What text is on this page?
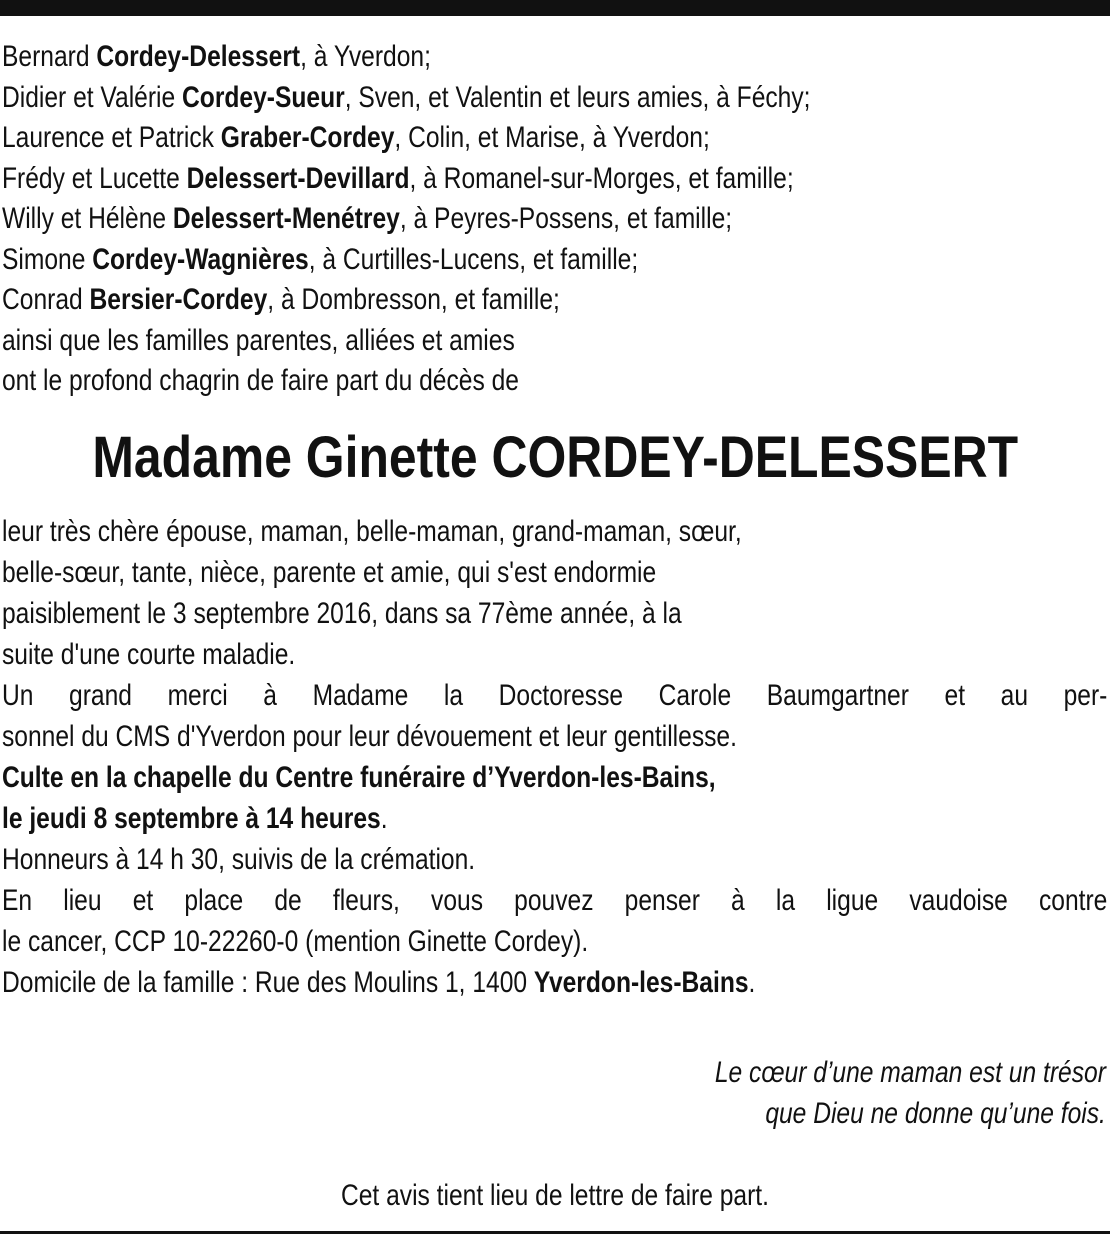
Bernard Cordey-Delessert, à Yverdon;
Didier et Valérie Cordey-Sueur, Sven, et Valentin et leurs amies, à Féchy;
Laurence et Patrick Graber-Cordey, Colin, et Marise, à Yverdon;
Frédy et Lucette Delessert-Devillard, à Romanel-sur-Morges, et famille;
Willy et Hélène Delessert-Menétrey, à Peyres-Possens, et famille;
Simone Cordey-Wagnières, à Curtilles-Lucens, et famille;
Conrad Bersier-Cordey, à Dombresson, et famille;
ainsi que les familles parentes, alliées et amies
ont le profond chagrin de faire part du décès de
Madame Ginette CORDEY-DELESSERT
leur très chère épouse, maman, belle-maman, grand-maman, sœur,
belle-sœur, tante, nièce, parente et amie, qui s'est endormie
paisiblement le 3 septembre 2016, dans sa 77ème année, à la
suite d'une courte maladie.
Un grand merci à Madame la Doctoresse Carole Baumgartner et au per-
sonnel du CMS d'Yverdon pour leur dévouement et leur gentillesse.
Culte en la chapelle du Centre funéraire d’Yverdon-les-Bains,
le jeudi 8 septembre à 14 heures.
Honneurs à 14 h 30, suivis de la crémation.
En lieu et place de fleurs, vous pouvez penser à la ligue vaudoise contre
le cancer, CCP 10-22260-0 (mention Ginette Cordey).
Domicile de la famille : Rue des Moulins 1, 1400 Yverdon-les-Bains.
Le cœur d’une maman est un trésor
que Dieu ne donne qu’une fois.
Cet avis tient lieu de lettre de faire part.
